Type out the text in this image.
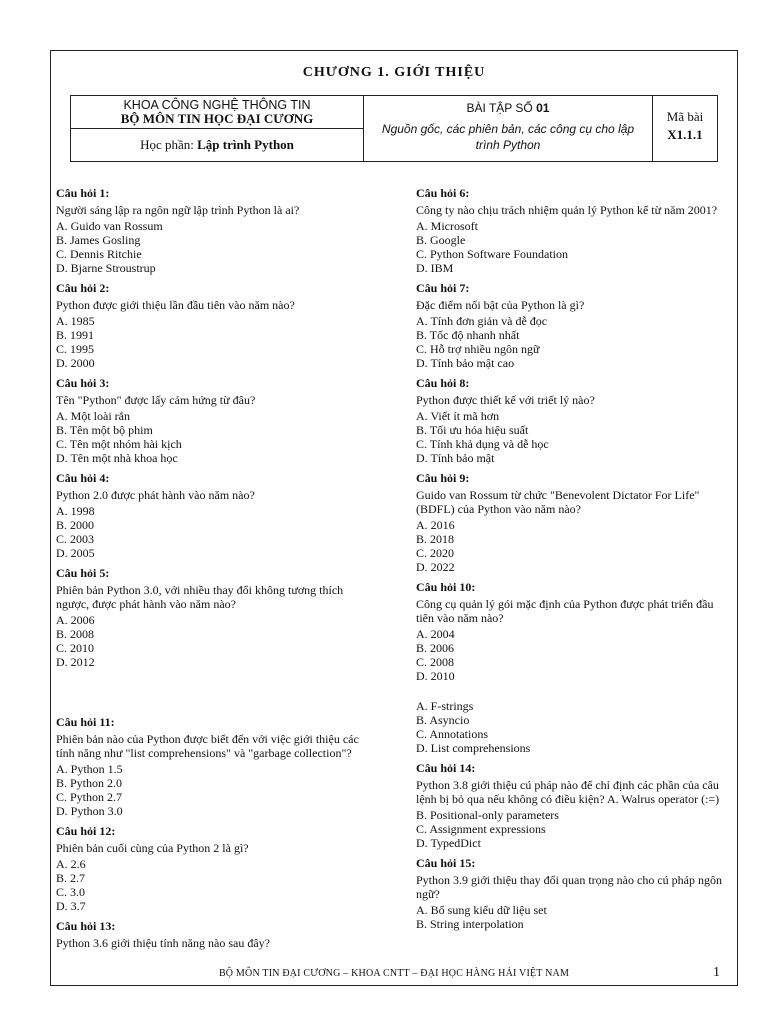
CHƯƠNG 1. GIỚI THIỆU
KHOA CÔNG NGHỆ THÔNG TIN
BỘ MÔN TIN HỌC ĐẠI CƯƠNG
Học phần: Lập trình Python
BÀI TẬP SỐ 01
Nguồn gốc, các phiên bản, các công cụ cho lập trình Python
Mã bài
X1.1.1
Câu hỏi 1:
Người sáng lập ra ngôn ngữ lập trình Python là ai?
A. Guido van Rossum
B. James Gosling
C. Dennis Ritchie
D. Bjarne Stroustrup
Câu hỏi 2:
Python được giới thiệu lần đầu tiên vào năm nào?
A. 1985
B. 1991
C. 1995
D. 2000
Câu hỏi 3:
Tên "Python" được lấy cảm hứng từ đâu?
A. Một loài rắn
B. Tên một bộ phim
C. Tên một nhóm hài kịch
D. Tên một nhà khoa học
Câu hỏi 4:
Python 2.0 được phát hành vào năm nào?
A. 1998
B. 2000
C. 2003
D. 2005
Câu hỏi 5:
Phiên bản Python 3.0, với nhiều thay đổi không tương thích ngược, được phát hành vào năm nào?
A. 2006
B. 2008
C. 2010
D. 2012
Câu hỏi 11:
Phiên bản nào của Python được biết đến với việc giới thiệu các tính năng như "list comprehensions" và "garbage collection"?
A. Python 1.5
B. Python 2.0
C. Python 2.7
D. Python 3.0
Câu hỏi 12:
Phiên bản cuối cùng của Python 2 là gì?
A. 2.6
B. 2.7
C. 3.0
D. 3.7
Câu hỏi 13:
Python 3.6 giới thiệu tính năng nào sau đây?
Câu hỏi 6:
Công ty nào chịu trách nhiệm quản lý Python kể từ năm 2001?
A. Microsoft
B. Google
C. Python Software Foundation
D. IBM
Câu hỏi 7:
Đặc điểm nổi bật của Python là gì?
A. Tính đơn giản và dễ đọc
B. Tốc độ nhanh nhất
C. Hỗ trợ nhiều ngôn ngữ
D. Tính bảo mật cao
Câu hỏi 8:
Python được thiết kế với triết lý nào?
A. Viết ít mã hơn
B. Tối ưu hóa hiệu suất
C. Tính khả dụng và dễ học
D. Tính bảo mật
Câu hỏi 9:
Guido van Rossum từ chức "Benevolent Dictator For Life" (BDFL) của Python vào năm nào?
A. 2016
B. 2018
C. 2020
D. 2022
Câu hỏi 10:
Công cụ quản lý gói mặc định của Python được phát triển đầu tiên vào năm nào?
A. 2004
B. 2006
C. 2008
D. 2010
A. F-strings
B. Asyncio
C. Annotations
D. List comprehensions
Câu hỏi 14:
Python 3.8 giới thiệu cú pháp nào để chỉ định các phần của câu lệnh bị bỏ qua nếu không có điều kiện? A. Walrus operator (:=)
B. Positional-only parameters
C. Assignment expressions
D. TypedDict
Câu hỏi 15:
Python 3.9 giới thiệu thay đổi quan trọng nào cho cú pháp ngôn ngữ?
A. Bổ sung kiểu dữ liệu set
B. String interpolation
BỘ MÔN TIN ĐẠI CƯƠNG – KHOA CNTT – ĐẠI HỌC HÀNG HẢI VIỆT NAM	1
